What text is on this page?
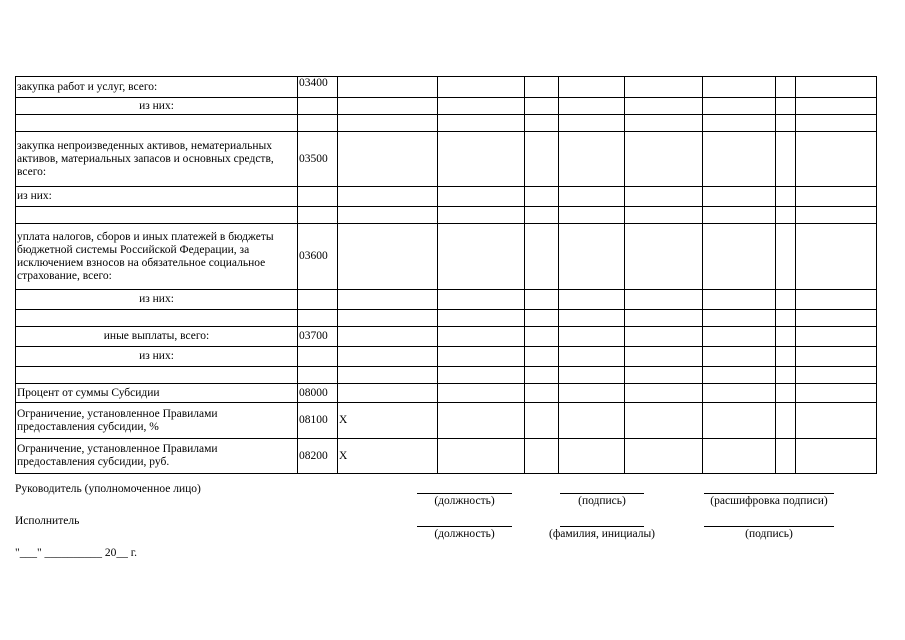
закупка работ и услуг, всего:	03400								
из них:									

закупка непроизведенных активов, нематериальных активов, материальных запасов и основных средств, всего:	03500								
из них:									

уплата налогов, сборов и иных платежей в бюджеты бюджетной системы Российской Федерации, за исключением взносов на обязательное социальное страхование, всего:	03600								
из них:									

иные выплаты, всего:	03700								
из них:									

Процент от суммы Субсидии	08000								
Ограничение, установленное Правилами предоставления субсидии, %	08100	X							
Ограничение, установленное Правилами предоставления субсидии, руб.	08200	X							
Руководитель (уполномоченное лицо)
(должность)	(подпись)	(расшифровка подписи)
Исполнитель
(должность)	(фамилия, инициалы)	(подпись)
"___" __________ 20__ г.
